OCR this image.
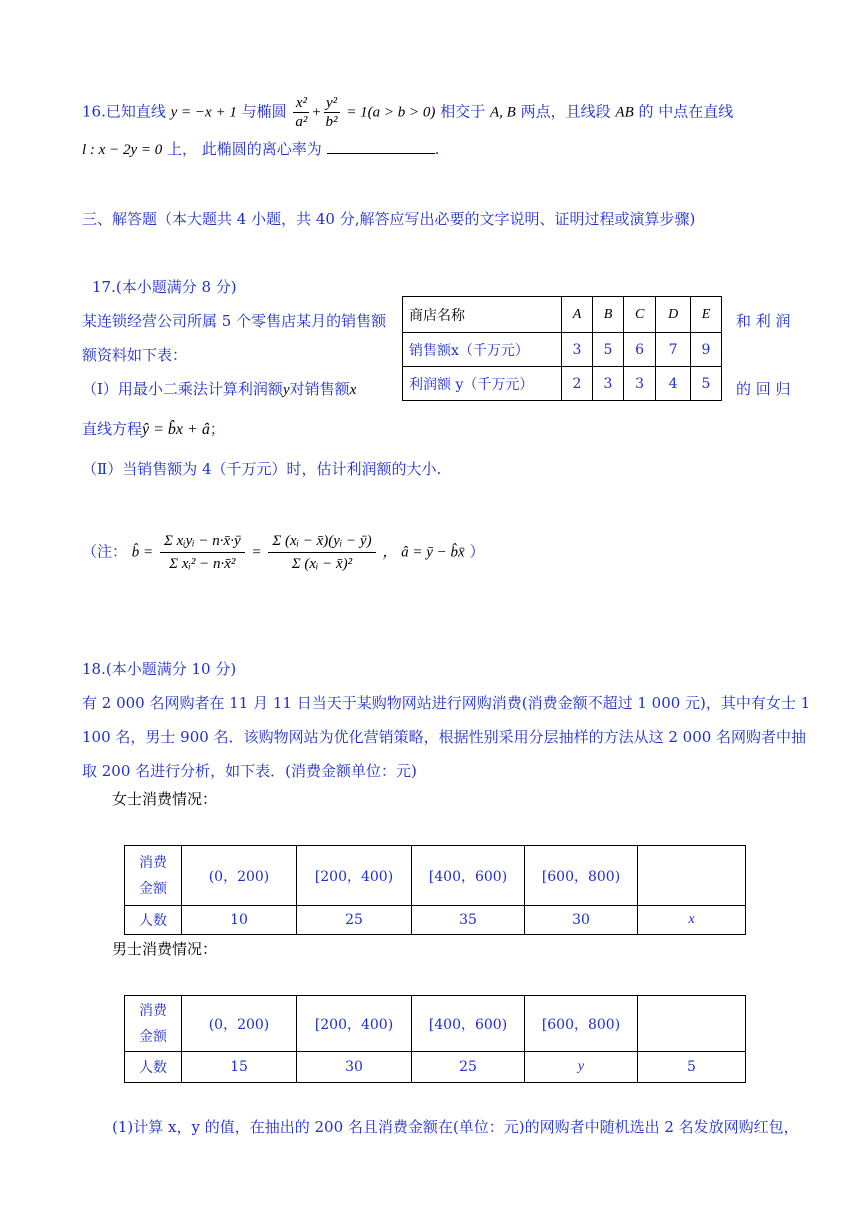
16.已知直线 y = −x + 1 与椭圆 $\frac{\text{x²}}{\text{a²}} + \frac{\text{y²}}{\text{b²}} = 1(a > b > 0)$ 相交于 A, B 两点，且线段 AB 的 中点在直线
l : x − 2y = 0 上， 此椭圆的离心率为	.
三、解答题（本大题共 4 小题，共 40 分,解答应写出必要的文字说明、证明过程或演算步骤)
17.(本小题满分 8 分)
某连锁经营公司所属 5 个零售店某月的销售额	和 利 润
额资料如下表：
（Ⅰ）用最小二乘法计算利润额y对销售额x	的 回 归
直线方程ŷ = b̂x + â；
（Ⅱ）当销售额为 4（千万元）时，估计利润额的大小.
商店名称	A	B	C	D	E
销售额x（千万元）	3	5	6	7	9
利润额 y（千万元）	2	3	3	4	5
（注： b̂ = $\frac{\text{Σ xᵢyᵢ − n·x̄·ȳ}}{\text{Σ xᵢ² − n·x̄²}} = \frac{\text{Σ (xᵢ − x̄)(yᵢ − ȳ)}}{\text{Σ (xᵢ − x̄)²}}$ ， â = ȳ − b̂x̄ ）
18.(本小题满分 10 分)
有 2 000 名网购者在 11 月 11 日当天于某购物网站进行网购消费(消费金额不超过 1 000 元)，其中有女士 1
100 名，男士 900 名．该购物网站为优化营销策略，根据性别采用分层抽样的方法从这 2 000 名网购者中抽
取 200 名进行分析，如下表．(消费金额单位：元)
女士消费情况：
消费
金额	(0，200)	[200，400)	[400，600)	[600，800)	
人数	10	25	35	30	x
男士消费情况：
消费
金额	(0，200)	[200，400)	[400，600)	[600，800)	
人数	15	30	25	y	5
(1)计算 x，y 的值，在抽出的 200 名且消费金额在(单位：元)的网购者中随机选出 2 名发放网购红包，
